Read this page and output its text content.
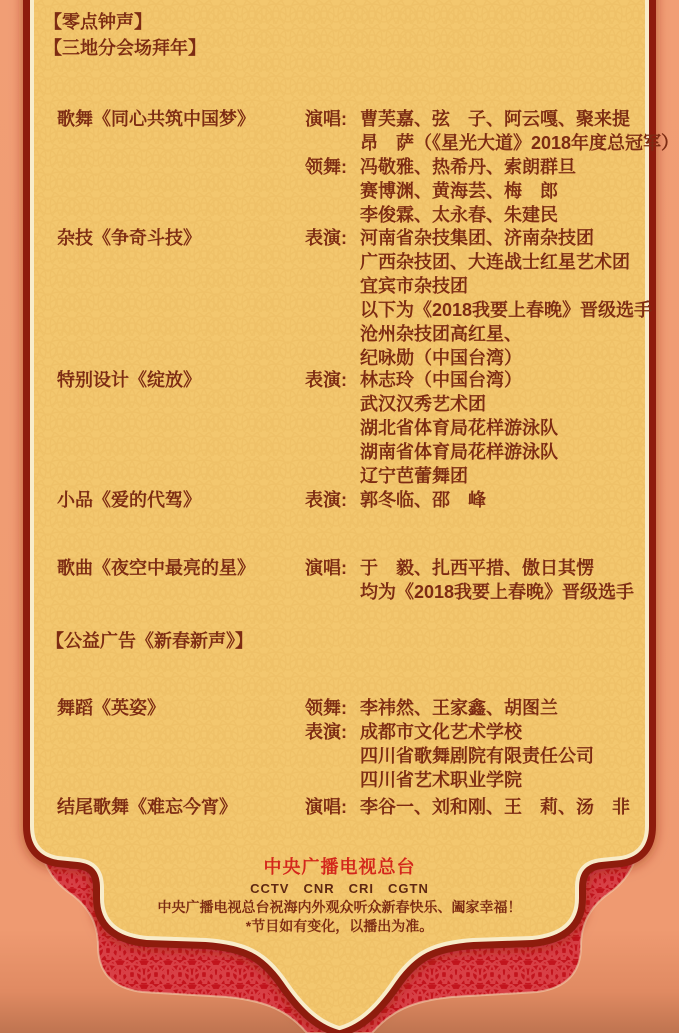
【零点钟声】
【三地分会场拜年】
歌舞《同心共筑中国梦》	演唱: 曹芙嘉、弦　子、阿云嘎、聚来提
昂　萨（《星光大道》2018年度总冠军）
领舞: 冯敬雅、热希丹、索朗群旦
赛博渊、黄海芸、梅　郎
李俊霖、太永春、朱建民
杂技《争奇斗技》	表演: 河南省杂技集团、济南杂技团
广西杂技团、大连战士红星艺术团
宜宾市杂技团
以下为《2018我要上春晚》晋级选手
沧州杂技团高红星、
纪咏勋（中国台湾）
特别设计《绽放》	表演: 林志玲（中国台湾）
武汉汉秀艺术团
湖北省体育局花样游泳队
湖南省体育局花样游泳队
辽宁芭蕾舞团
小品《爱的代驾》	表演: 郭冬临、邵　峰
歌曲《夜空中最亮的星》	演唱: 于　毅、扎西平措、傲日其愣
均为《2018我要上春晚》晋级选手
【公益广告《新春新声》】
舞蹈《英姿》	领舞: 李祎然、王家鑫、胡图兰
表演: 成都市文化艺术学校
四川省歌舞剧院有限责任公司
四川省艺术职业学院
结尾歌舞《难忘今宵》	演唱: 李谷一、刘和刚、王　莉、汤　非
中央广播电视总台
CCTV CNR CRI CGTN
中央广播电视总台祝海内外观众听众新春快乐、阖家幸福！
*节目如有变化，以播出为准。
